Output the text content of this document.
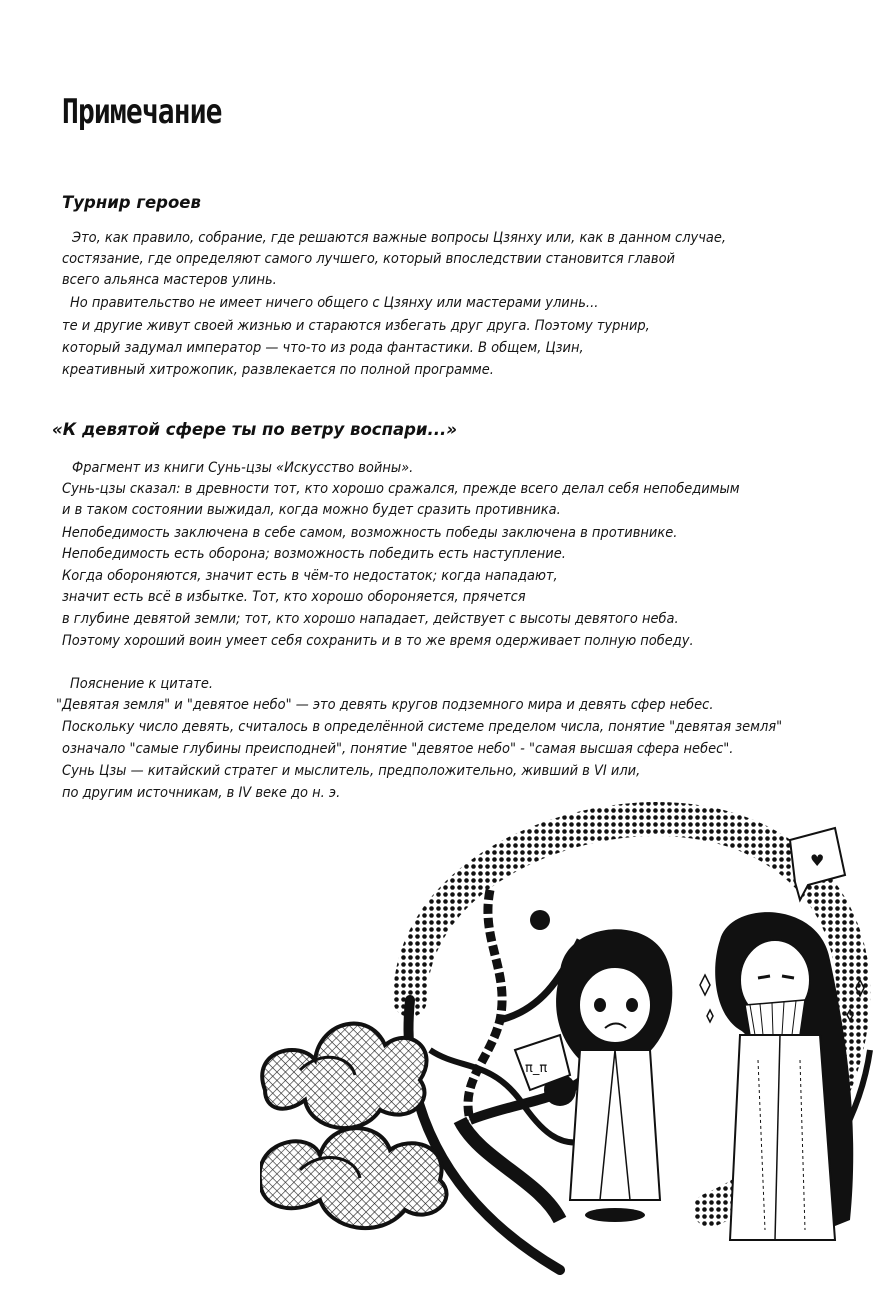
Примечание
Турнир героев
Это, как правило, собрание, где решаются важные вопросы Цзянху или, как в данном случае,
состязание, где определяют самого лучшего, который впоследствии становится главой
всего альянса мастеров улинь.
Но правительство не имеет ничего общего с Цзянху или мастерами улинь...
те и другие живут своей жизнью и стараются избегать друг друга. Поэтому турнир,
который задумал император — что-то из рода фантастики. В общем, Цзин,
креативный хитрожопик, развлекается по полной программе.
«К девятой сфере ты по ветру воспари...»
Фрагмент из книги Сунь-цзы «Искусство войны».
Сунь-цзы сказал: в древности тот, кто хорошо сражался, прежде всего делал себя непобедимым
и в таком состоянии выжидал, когда можно будет сразить противника.
Непобедимость заключена в себе самом, возможность победы заключена в противнике.
Непобедимость есть оборона; возможность победить есть наступление.
Когда обороняются, значит есть в чём-то недостаток; когда нападают,
значит есть всё в избытке. Тот, кто хорошо обороняется, прячется
в глубине девятой земли; тот, кто хорошо нападает, действует с высоты девятого неба.
Поэтому хороший воин умеет себя сохранить и в то же время одерживает полную победу.
Пояснение к цитате.
"Девятая земля" и "девятое небо" — это девять кругов подземного мира и девять сфер небес.
Поскольку число девять, считалось в определённой системе пределом числа, понятие "девятая земля"
означало "самые глубины преисподней", понятие "девятое небо" - "самая высшая сфера небес".
Сунь Цзы — китайский стратег и мыслитель, предположительно, живший в VI или,
по другим источникам, в IV веке до н. э.
♥
π_π
